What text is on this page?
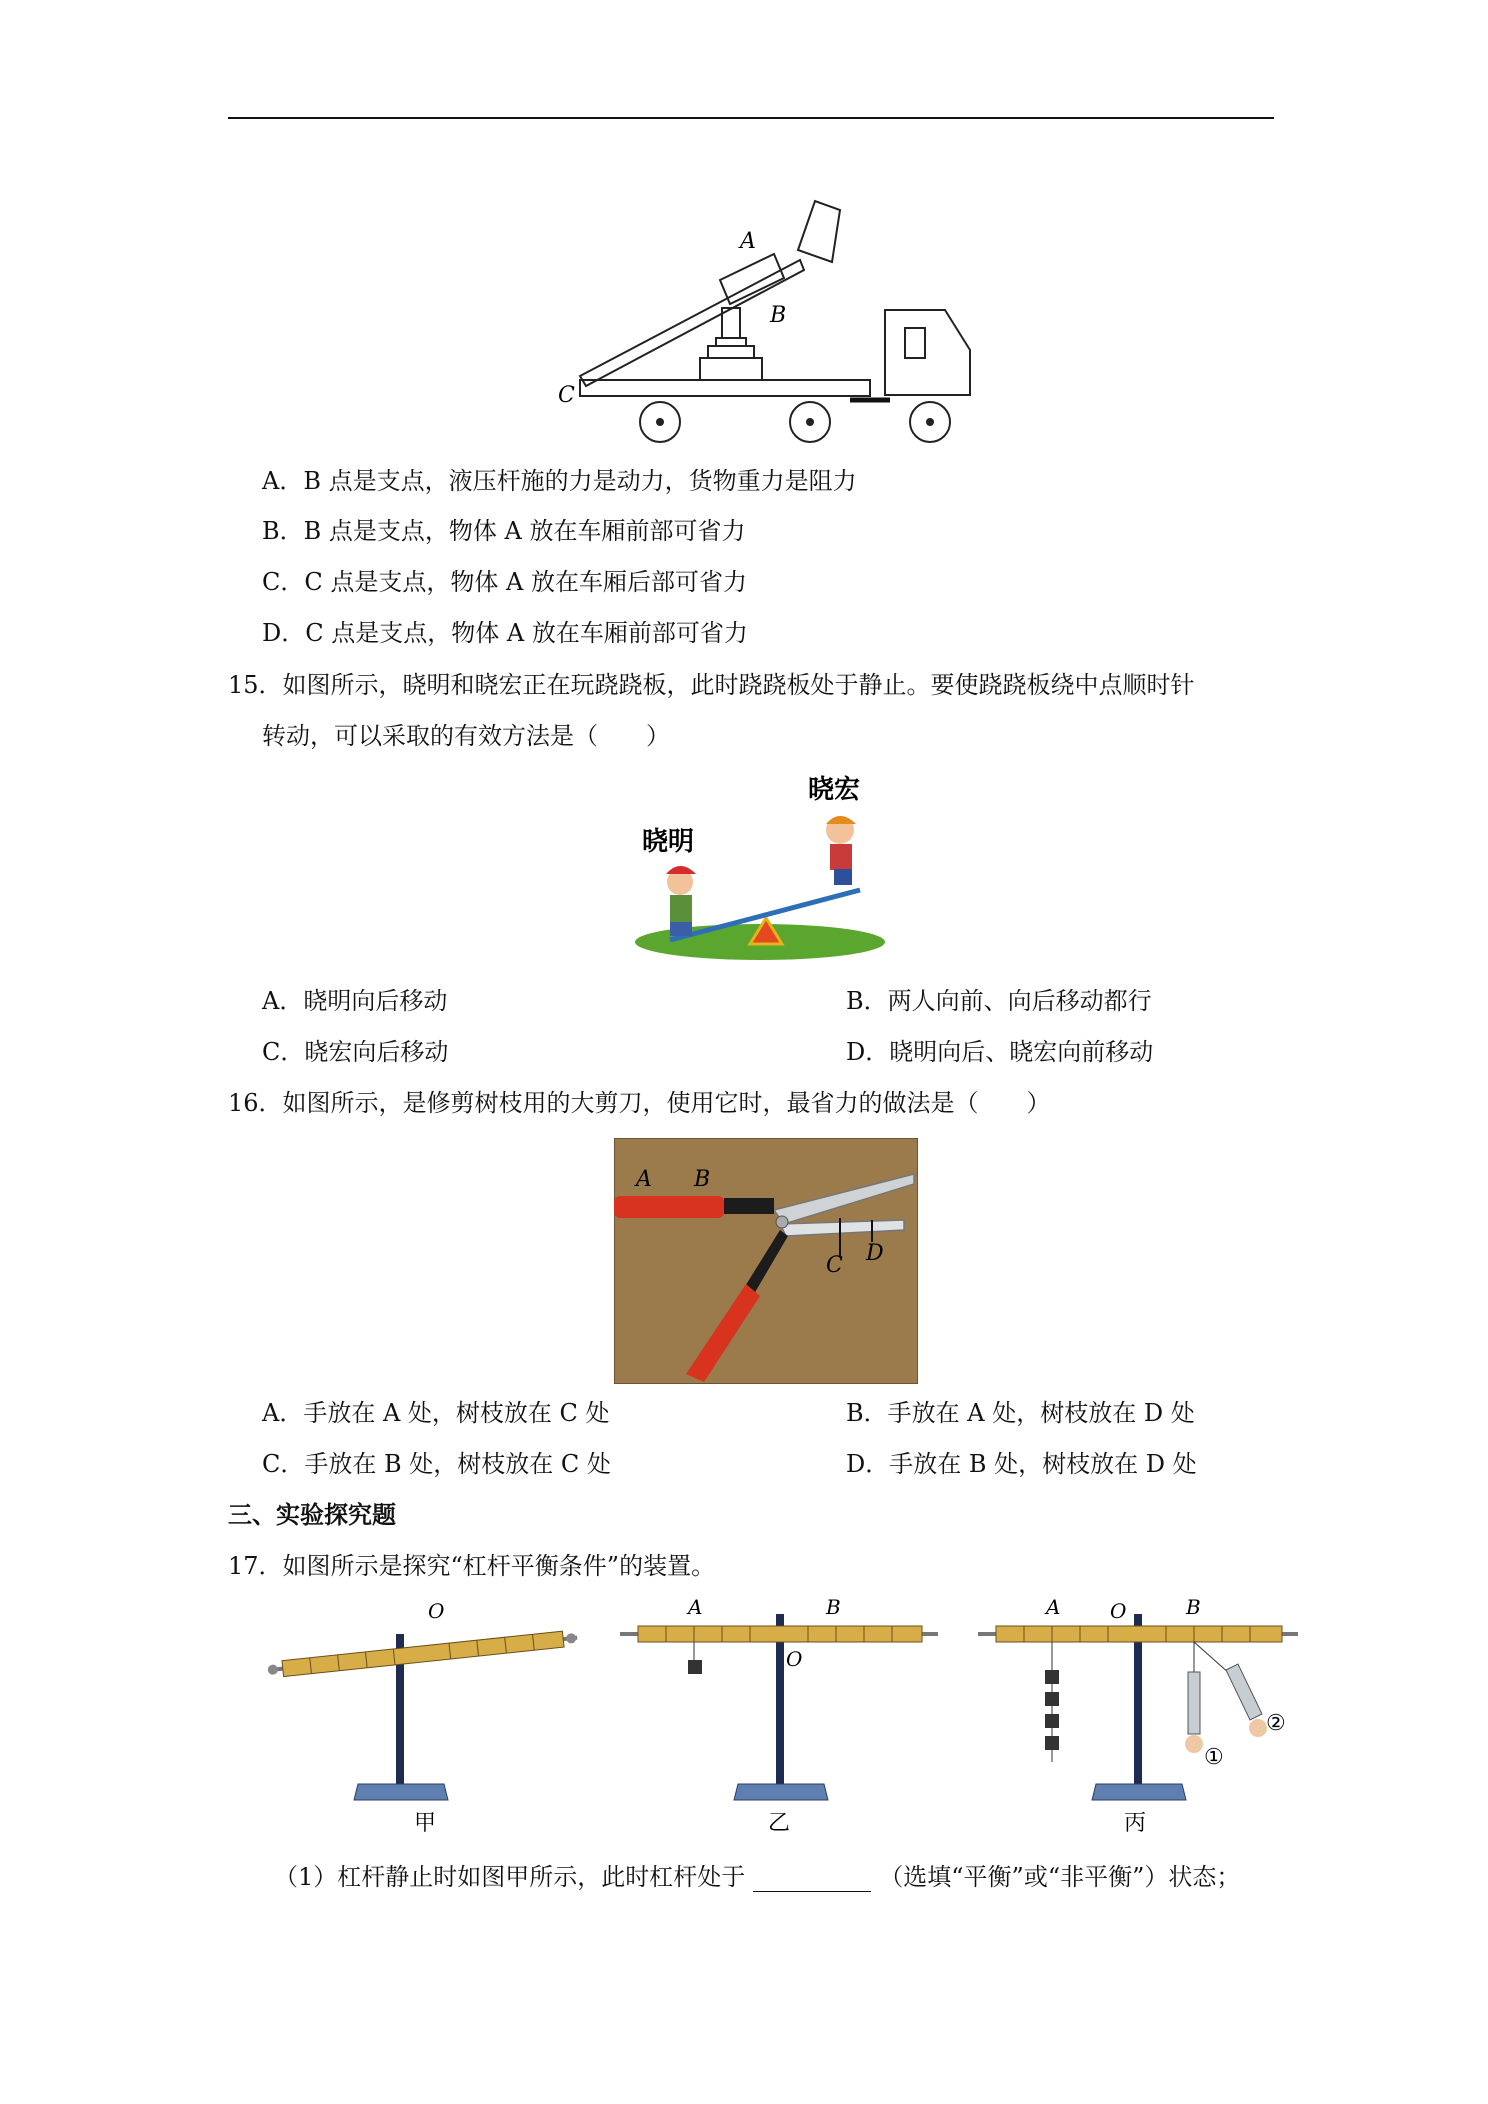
A
B
C
A．B 点是支点，液压杆施的力是动力，货物重力是阻力
B．B 点是支点，物体 A 放在车厢前部可省力
C．C 点是支点，物体 A 放在车厢后部可省力
D．C 点是支点，物体 A 放在车厢前部可省力
15．如图所示，晓明和晓宏正在玩跷跷板，此时跷跷板处于静止。要使跷跷板绕中点顺时针
转动，可以采取的有效方法是（　　）
晓明
晓宏
A．晓明向后移动	B．两人向前、向后移动都行
C．晓宏向后移动	D．晓明向后、晓宏向前移动
16．如图所示，是修剪树枝用的大剪刀，使用它时，最省力的做法是（　　）
A B
C D
A．手放在 A 处，树枝放在 C 处	B．手放在 A 处，树枝放在 D 处
C．手放在 B 处，树枝放在 C 处	D．手放在 B 处，树枝放在 D 处
三、实验探究题
17．如图所示是探究“杠杆平衡条件”的装置。
O
甲
A	B
O
乙
A O	B
①
②
丙
（1）杠杆静止时如图甲所示，此时杠杆处于	（选填“平衡”或“非平衡”）状态；
